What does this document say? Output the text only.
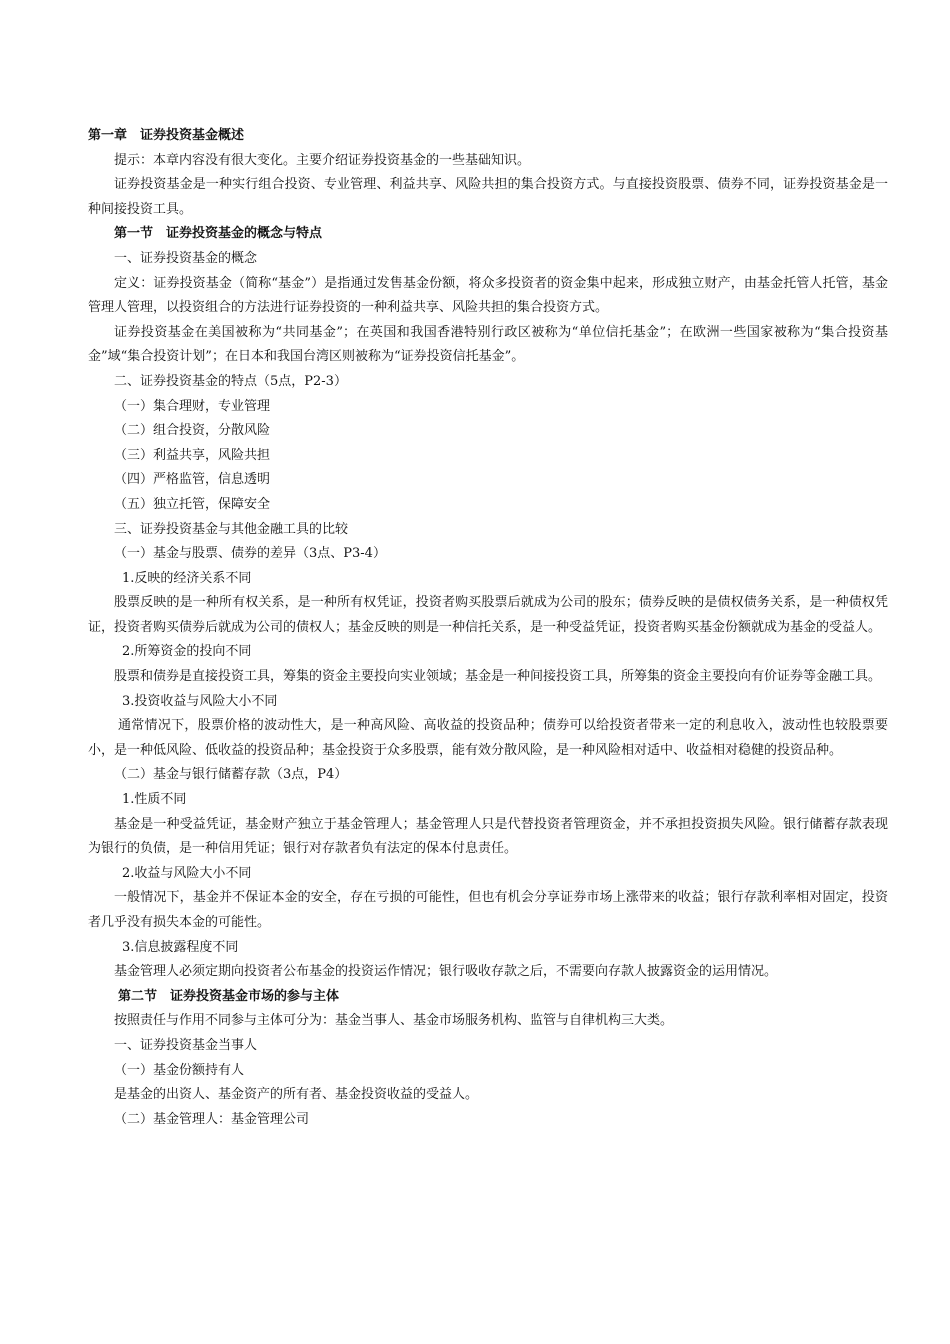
第一章　证券投资基金概述
提示：本章内容没有很大变化。主要介绍证券投资基金的一些基础知识。
证券投资基金是一种实行组合投资、专业管理、利益共享、风险共担的集合投资方式。与直接投资股票、债券不同，证券投资基金是一种间接投资工具。
第一节　证券投资基金的概念与特点
一、证券投资基金的概念
定义：证券投资基金（简称“基金”）是指通过发售基金份额，将众多投资者的资金集中起来，形成独立财产，由基金托管人托管，基金管理人管理，以投资组合的方法进行证券投资的一种利益共享、风险共担的集合投资方式。
证券投资基金在美国被称为“共同基金”；在英国和我国香港特别行政区被称为“单位信托基金”；在欧洲一些国家被称为“集合投资基金”域“集合投资计划”；在日本和我国台湾区则被称为“证券投资信托基金”。
二、证券投资基金的特点（5点，P2-3）
（一）集合理财，专业管理
（二）组合投资，分散风险
（三）利益共享，风险共担
（四）严格监管，信息透明
（五）独立托管，保障安全
三、证券投资基金与其他金融工具的比较
（一）基金与股票、债券的差异（3点、P3-4）
1.反映的经济关系不同
股票反映的是一种所有权关系，是一种所有权凭证，投资者购买股票后就成为公司的股东；债券反映的是债权债务关系，是一种债权凭证，投资者购买债券后就成为公司的债权人；基金反映的则是一种信托关系，是一种受益凭证，投资者购买基金份额就成为基金的受益人。
2.所筹资金的投向不同
股票和债券是直接投资工具，筹集的资金主要投向实业领域；基金是一种间接投资工具，所筹集的资金主要投向有价证券等金融工具。
3.投资收益与风险大小不同
通常情况下，股票价格的波动性大，是一种高风险、高收益的投资品种；债券可以给投资者带来一定的利息收入，波动性也较股票要小，是一种低风险、低收益的投资品种；基金投资于众多股票，能有效分散风险，是一种风险相对适中、收益相对稳健的投资品种。
（二）基金与银行储蓄存款（3点，P4）
1.性质不同
基金是一种受益凭证，基金财产独立于基金管理人；基金管理人只是代替投资者管理资金，并不承担投资损失风险。银行储蓄存款表现为银行的负债，是一种信用凭证；银行对存款者负有法定的保本付息责任。
2.收益与风险大小不同
一般情况下，基金并不保证本金的安全，存在亏损的可能性，但也有机会分享证券市场上涨带来的收益；银行存款利率相对固定，投资者几乎没有损失本金的可能性。
3.信息披露程度不同
基金管理人必须定期向投资者公布基金的投资运作情况；银行吸收存款之后，不需要向存款人披露资金的运用情况。
第二节　证券投资基金市场的参与主体
按照责任与作用不同参与主体可分为：基金当事人、基金市场服务机构、监管与自律机构三大类。
一、证券投资基金当事人
（一）基金份额持有人
是基金的出资人、基金资产的所有者、基金投资收益的受益人。
（二）基金管理人：基金管理公司
